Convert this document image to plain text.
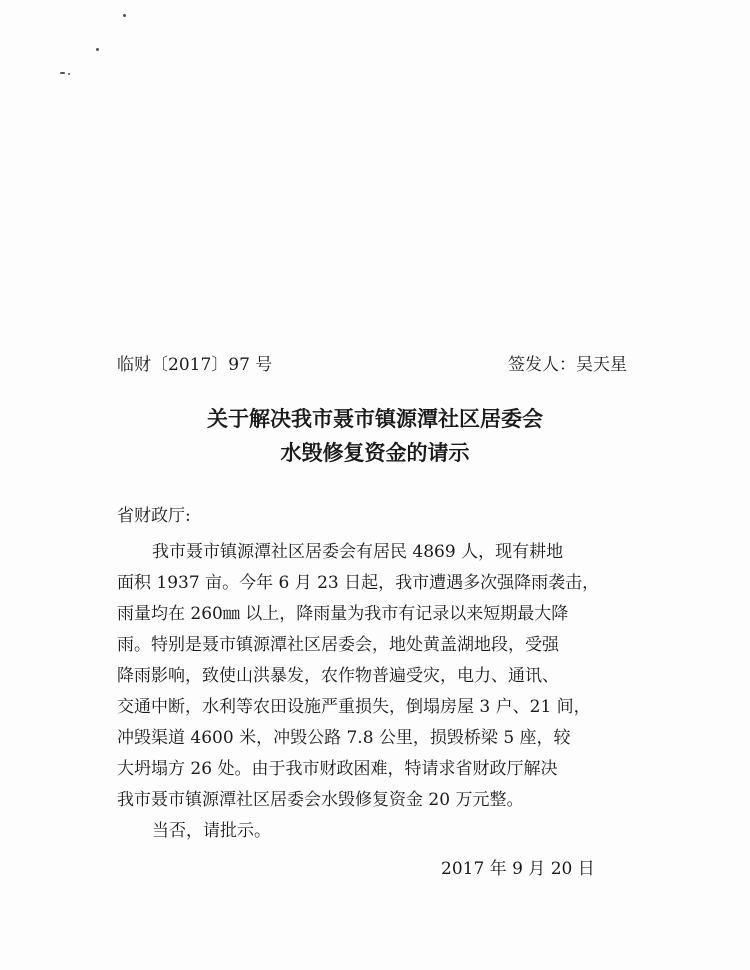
临财〔2017〕97 号	签发人：吴天星
关于解决我市聂市镇源潭社区居委会
水毁修复资金的请示
省财政厅:
我市聂市镇源潭社区居委会有居民 4869 人，现有耕地
面积 1937 亩。今年 6 月 23 日起，我市遭遇多次强降雨袭击，
雨量均在 260㎜ 以上，降雨量为我市有记录以来短期最大降
雨。特别是聂市镇源潭社区居委会，地处黄盖湖地段，受强
降雨影响，致使山洪暴发，农作物普遍受灾，电力、通讯、
交通中断，水利等农田设施严重损失，倒塌房屋 3 户、21 间，
冲毁渠道 4600 米，冲毁公路 7.8 公里，损毁桥梁 5 座，较
大坍塌方 26 处。由于我市财政困难，特请求省财政厅解决
我市聂市镇源潭社区居委会水毁修复资金 20 万元整。
当否，请批示。
2017 年 9 月 20 日
